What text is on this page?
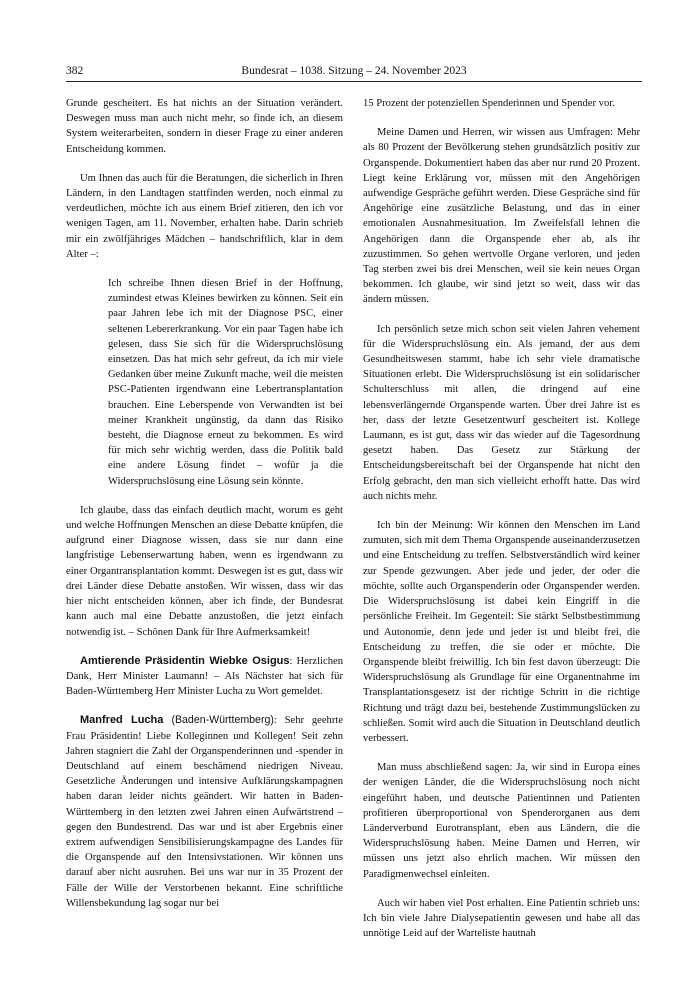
382	Bundesrat – 1038. Sitzung – 24. November 2023

Grunde gescheitert. Es hat nichts an der Situation verändert. Deswegen muss man auch nicht mehr, so finde ich, an diesem System weiterarbeiten, sondern in dieser Frage zu einer anderen Entscheidung kommen.

Um Ihnen das auch für die Beratungen, die sicherlich in Ihren Ländern, in den Landtagen stattfinden werden, noch einmal zu verdeutlichen, möchte ich aus einem Brief zitieren, den ich vor wenigen Tagen, am 11. November, erhalten habe. Darin schrieb mir ein zwölfjähriges Mädchen – handschriftlich, klar in dem Alter –:

Ich schreibe Ihnen diesen Brief in der Hoffnung, zumindest etwas Kleines bewirken zu können. Seit ein paar Jahren lebe ich mit der Diagnose PSC, einer seltenen Lebererkrankung. Vor ein paar Tagen habe ich gelesen, dass Sie sich für die Widerspruchslösung einsetzen. Das hat mich sehr gefreut, da ich mir viele Gedanken über meine Zukunft mache, weil die meisten PSC-Patienten irgendwann eine Lebertransplantation brauchen. Eine Leberspende von Verwandten ist bei meiner Krankheit ungünstig, da dann das Risiko besteht, die Diagnose erneut zu bekommen. Es wird für mich sehr wichtig werden, dass die Politik bald eine andere Lösung findet – wofür ja die Widerspruchslösung eine Lösung sein könnte.

Ich glaube, dass das einfach deutlich macht, worum es geht und welche Hoffnungen Menschen an diese Debatte knüpfen, die aufgrund einer Diagnose wissen, dass sie nur dann eine langfristige Lebenserwartung haben, wenn es irgendwann zu einer Organtransplantation kommt. Deswegen ist es gut, dass wir drei Länder diese Debatte anstoßen. Wir wissen, dass wir das hier nicht entscheiden können, aber ich finde, der Bundesrat kann auch mal eine Debatte anzustoßen, die jetzt einfach notwendig ist. – Schönen Dank für Ihre Aufmerksamkeit!

Amtierende Präsidentin Wiebke Osigus: Herzlichen Dank, Herr Minister Laumann! – Als Nächster hat sich für Baden-Württemberg Herr Minister Lucha zu Wort gemeldet.

Manfred Lucha (Baden-Württemberg): Sehr geehrte Frau Präsidentin! Liebe Kolleginnen und Kollegen! Seit zehn Jahren stagniert die Zahl der Organspenderinnen und -spender in Deutschland auf einem beschämend niedrigen Niveau. Gesetzliche Änderungen und intensive Aufklärungskampagnen haben daran leider nichts geändert. Wir hatten in Baden-Württemberg in den letzten zwei Jahren einen Aufwärtstrend – gegen den Bundestrend. Das war und ist aber Ergebnis einer extrem aufwendigen Sensibilisierungskampagne des Landes für die Organspende auf den Intensivstationen. Wir können uns darauf aber nicht ausruhen. Bei uns war nur in 35 Prozent der Fälle der Wille der Verstorbenen bekannt. Eine schriftliche Willensbekundung lag sogar nur bei

15 Prozent der potenziellen Spenderinnen und Spender vor.

Meine Damen und Herren, wir wissen aus Umfragen: Mehr als 80 Prozent der Bevölkerung stehen grundsätzlich positiv zur Organspende. Dokumentiert haben das aber nur rund 20 Prozent. Liegt keine Erklärung vor, müssen mit den Angehörigen aufwendige Gespräche geführt werden. Diese Gespräche sind für Angehörige eine zusätzliche Belastung, und das in einer emotionalen Ausnahmesituation. Im Zweifelsfall lehnen die Angehörigen dann die Organspende eher ab, als ihr zuzustimmen. So gehen wertvolle Organe verloren, und jeden Tag sterben zwei bis drei Menschen, weil sie kein neues Organ bekommen. Ich glaube, wir sind jetzt so weit, dass wir das ändern müssen.

Ich persönlich setze mich schon seit vielen Jahren vehement für die Widerspruchslösung ein. Als jemand, der aus dem Gesundheitswesen stammt, habe ich sehr viele dramatische Situationen erlebt. Die Widerspruchslösung ist ein solidarischer Schulterschluss mit allen, die dringend auf eine lebensverlängernde Organspende warten. Über drei Jahre ist es her, dass der letzte Gesetzentwurf gescheitert ist. Kollege Laumann, es ist gut, dass wir das wieder auf die Tagesordnung gesetzt haben. Das Gesetz zur Stärkung der Entscheidungsbereitschaft bei der Organspende hat nicht den Erfolg gebracht, den man sich vielleicht erhofft hatte. Das wird auch nichts mehr.

Ich bin der Meinung: Wir können den Menschen im Land zumuten, sich mit dem Thema Organspende auseinanderzusetzen und eine Entscheidung zu treffen. Selbstverständlich wird keiner zur Spende gezwungen. Aber jede und jeder, der oder die möchte, sollte auch Organspenderin oder Organspender werden. Die Widerspruchslösung ist dabei kein Eingriff in die persönliche Freiheit. Im Gegenteil: Sie stärkt Selbstbestimmung und Autonomie, denn jede und jeder ist und bleibt frei, die Entscheidung zu treffen, die sie oder er möchte. Die Organspende bleibt freiwillig. Ich bin fest davon überzeugt: Die Widerspruchslösung als Grundlage für eine Organentnahme im Transplantationsgesetz ist der richtige Schritt in die richtige Richtung und trägt dazu bei, bestehende Zustimmungslücken zu schließen. Somit wird auch die Situation in Deutschland deutlich verbessert.

Man muss abschließend sagen: Ja, wir sind in Europa eines der wenigen Länder, die die Widerspruchslösung noch nicht eingeführt haben, und deutsche Patientinnen und Patienten profitieren überproportional von Spenderorganen aus dem Länderverbund Eurotransplant, eben aus Ländern, die die Widerspruchslösung haben. Meine Damen und Herren, wir müssen uns jetzt also ehrlich machen. Wir müssen den Paradigmenwechsel einleiten.

Auch wir haben viel Post erhalten. Eine Patientin schrieb uns: Ich bin viele Jahre Dialysepatientin gewesen und habe all das unnötige Leid auf der Warteliste hautnah
